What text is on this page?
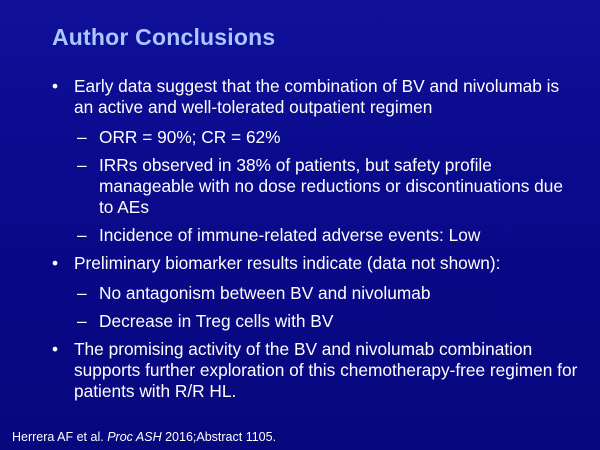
Author Conclusions
• Early data suggest that the combination of BV and nivolumab is an active and well-tolerated outpatient regimen
– ORR = 90%; CR = 62%
– IRRs observed in 38% of patients, but safety profile manageable with no dose reductions or discontinuations due to AEs
– Incidence of immune-related adverse events: Low
• Preliminary biomarker results indicate (data not shown):
– No antagonism between BV and nivolumab
– Decrease in Treg cells with BV
• The promising activity of the BV and nivolumab combination supports further exploration of this chemotherapy-free regimen for patients with R/R HL.
Herrera AF et al. Proc ASH 2016;Abstract 1105.
